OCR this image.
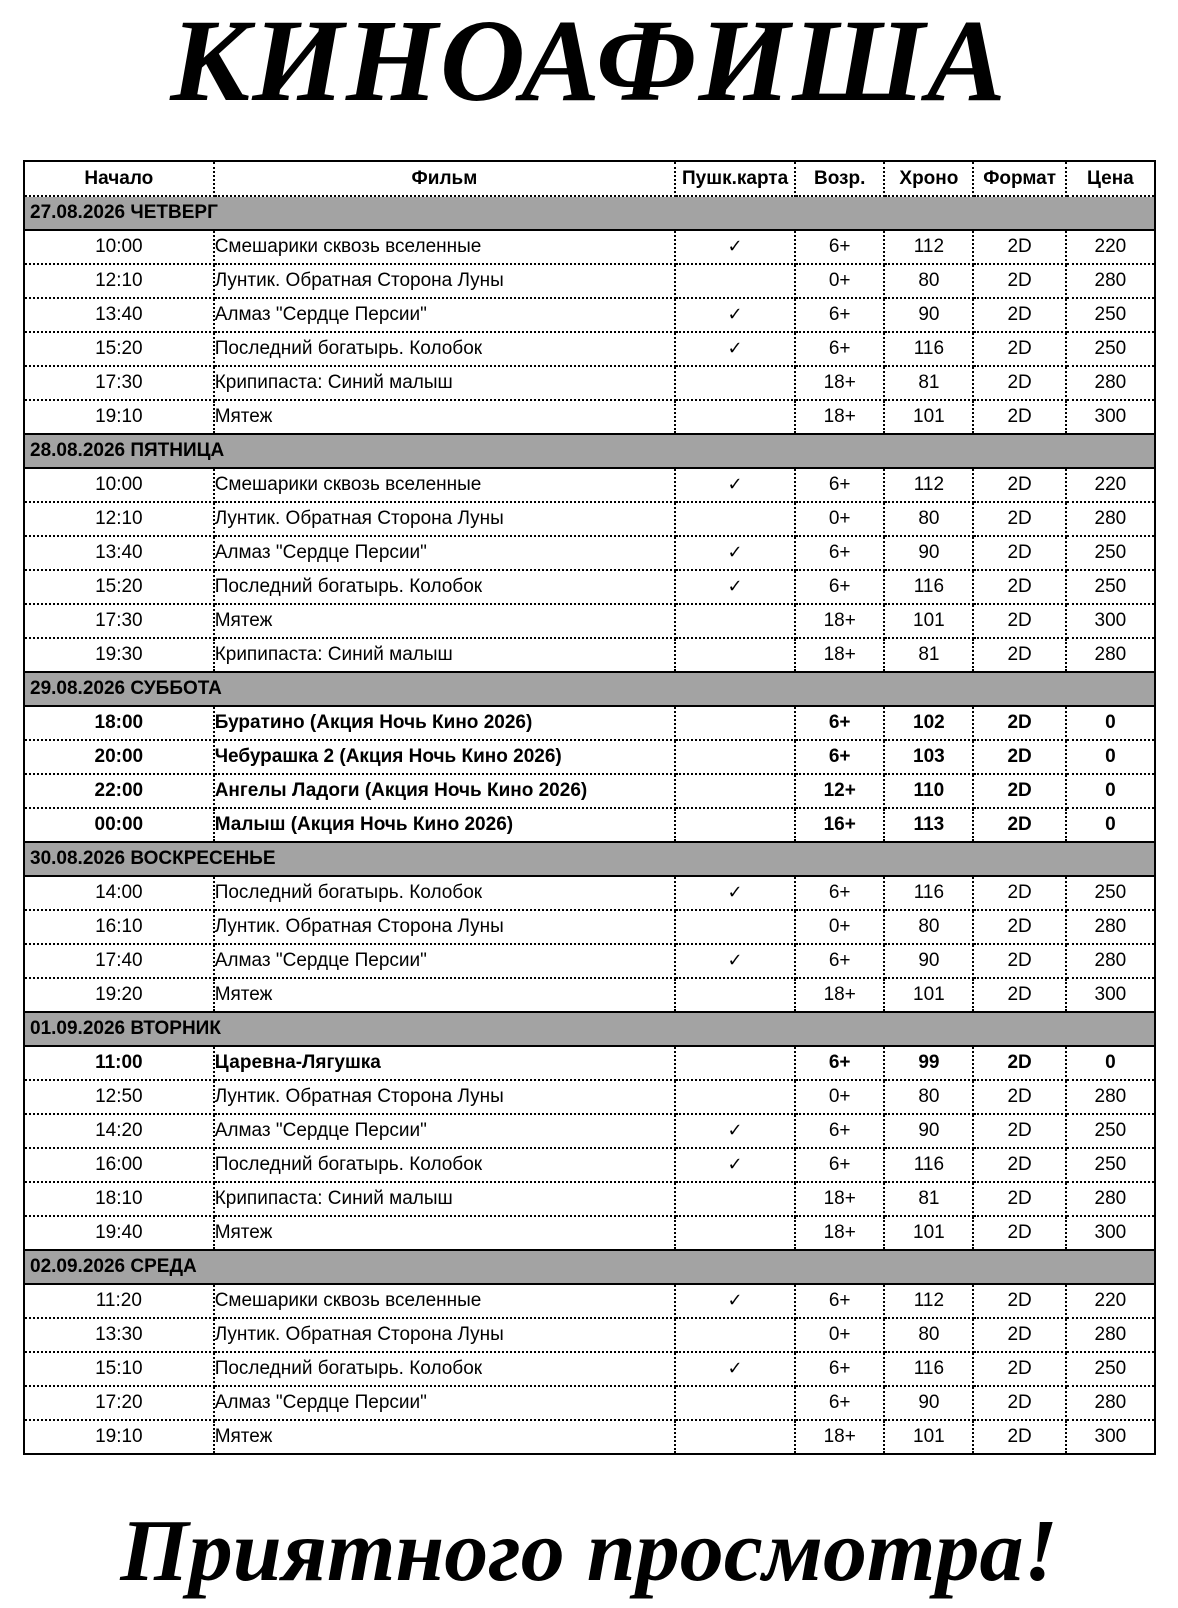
КИНОАФИША
Начало	Фильм	Пушк.карта	Возр.	Хроно	Формат	Цена
27.08.2026 ЧЕТВЕРГ						
10:00	Смешарики сквозь вселенные	✓	6+	112	2D	220
12:10	Лунтик. Обратная Сторона Луны		0+	80	2D	280
13:40	Алмаз "Сердце Персии"	✓	6+	90	2D	250
15:20	Последний богатырь. Колобок	✓	6+	116	2D	250
17:30	Крипипаста: Синий малыш		18+	81	2D	280
19:10	Мятеж		18+	101	2D	300
28.08.2026 ПЯТНИЦА						
10:00	Смешарики сквозь вселенные	✓	6+	112	2D	220
12:10	Лунтик. Обратная Сторона Луны		0+	80	2D	280
13:40	Алмаз "Сердце Персии"	✓	6+	90	2D	250
15:20	Последний богатырь. Колобок	✓	6+	116	2D	250
17:30	Мятеж		18+	101	2D	300
19:30	Крипипаста: Синий малыш		18+	81	2D	280
29.08.2026 СУББОТА						
18:00	Буратино (Акция Ночь Кино 2026)		6+	102	2D	0
20:00	Чебурашка 2 (Акция Ночь Кино 2026)		6+	103	2D	0
22:00	Ангелы Ладоги (Акция Ночь Кино 2026)		12+	110	2D	0
00:00	Малыш (Акция Ночь Кино 2026)		16+	113	2D	0
30.08.2026 ВОСКРЕСЕНЬЕ						
14:00	Последний богатырь. Колобок	✓	6+	116	2D	250
16:10	Лунтик. Обратная Сторона Луны		0+	80	2D	280
17:40	Алмаз "Сердце Персии"	✓	6+	90	2D	280
19:20	Мятеж		18+	101	2D	300
01.09.2026 ВТОРНИК						
11:00	Царевна-Лягушка		6+	99	2D	0
12:50	Лунтик. Обратная Сторона Луны		0+	80	2D	280
14:20	Алмаз "Сердце Персии"	✓	6+	90	2D	250
16:00	Последний богатырь. Колобок	✓	6+	116	2D	250
18:10	Крипипаста: Синий малыш		18+	81	2D	280
19:40	Мятеж		18+	101	2D	300
02.09.2026 СРЕДА						
11:20	Смешарики сквозь вселенные	✓	6+	112	2D	220
13:30	Лунтик. Обратная Сторона Луны		0+	80	2D	280
15:10	Последний богатырь. Колобок	✓	6+	116	2D	250
17:20	Алмаз "Сердце Персии"		6+	90	2D	280
19:10	Мятеж		18+	101	2D	300
Приятного просмотра!
